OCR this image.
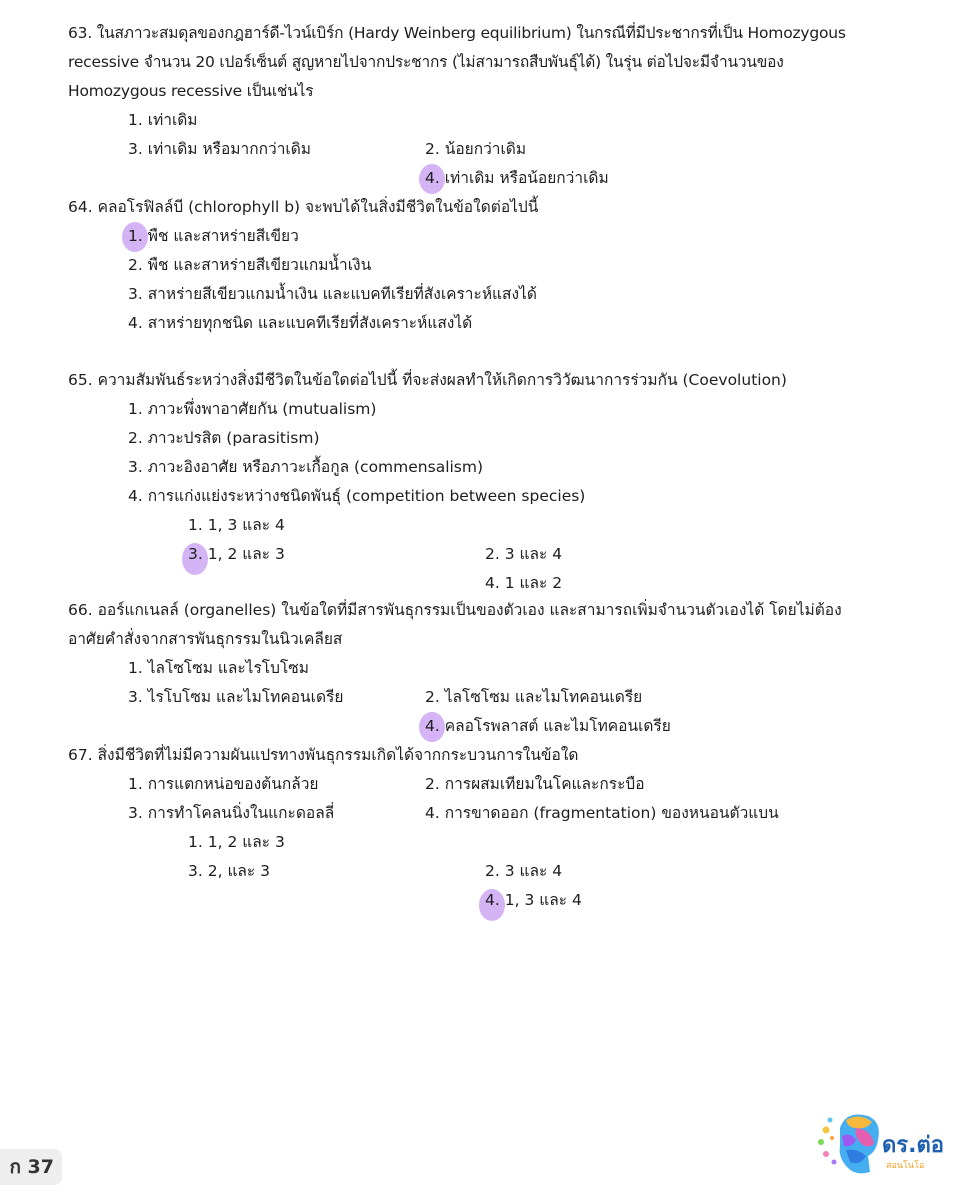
63. ในสภาวะสมดุลของกฎฮาร์ดี-ไวน์เบิร์ก (Hardy Weinberg equilibrium) ในกรณีที่มีประชากรที่เป็น Homozygous recessive จำนวน 20 เปอร์เซ็นต์ สูญหายไปจากประชากร (ไม่สามารถสืบพันธุ์ได้) ในรุ่น ต่อไปจะมีจำนวนของ Homozygous recessive เป็นเช่นไร
1. เท่าเดิม
2. น้อยกว่าเดิม
3. เท่าเดิม หรือมากกว่าเดิม
4. เท่าเดิม หรือน้อยกว่าเดิม
64. คลอโรฟิลล์บี (chlorophyll b) จะพบได้ในสิ่งมีชีวิตในข้อใดต่อไปนี้
1. พืช และสาหร่ายสีเขียว
2. พืช และสาหร่ายสีเขียวแกมน้ำเงิน
3. สาหร่ายสีเขียวแกมน้ำเงิน และแบคทีเรียที่สังเคราะห์แสงได้
4. สาหร่ายทุกชนิด และแบคทีเรียที่สังเคราะห์แสงได้
65. ความสัมพันธ์ระหว่างสิ่งมีชีวิตในข้อใดต่อไปนี้ ที่จะส่งผลทำให้เกิดการวิวัฒนาการร่วมกัน (Coevolution)
1. ภาวะพึ่งพาอาศัยกัน (mutualism)
2. ภาวะปรสิต (parasitism)
3. ภาวะอิงอาศัย หรือภาวะเกื้อกูล (commensalism)
4. การแก่งแย่งระหว่างชนิดพันธุ์ (competition between species)
1. 1, 3 และ 4
2. 3 และ 4
3. 1, 2 และ 3
4. 1 และ 2
66. ออร์แกเนลล์ (organelles) ในข้อใดที่มีสารพันธุกรรมเป็นของตัวเอง และสามารถเพิ่มจำนวนตัวเองได้ โดยไม่ต้องอาศัยคำสั่งจากสารพันธุกรรมในนิวเคลียส
1. ไลโซโซม และไรโบโซม
2. ไลโซโซม และไมโทคอนเดรีย
3. ไรโบโซม และไมโทคอนเดรีย
4. คลอโรพลาสต์ และไมโทคอนเดรีย
67. สิ่งมีชีวิตที่ไม่มีความผันแปรทางพันธุกรรมเกิดได้จากกระบวนการในข้อใด
1. การแตกหน่อของต้นกล้วย	2. การผสมเทียมในโคและกระบือ
3. การทำโคลนนิ่งในแกะดอลลี่	4. การขาดออก (fragmentation) ของหนอนตัวแบน
1. 1, 2 และ 3
2. 3 และ 4
3. 2, และ 3
4. 1, 3 และ 4
ก 37
ดร.ต่อ
สอนโนโอ
